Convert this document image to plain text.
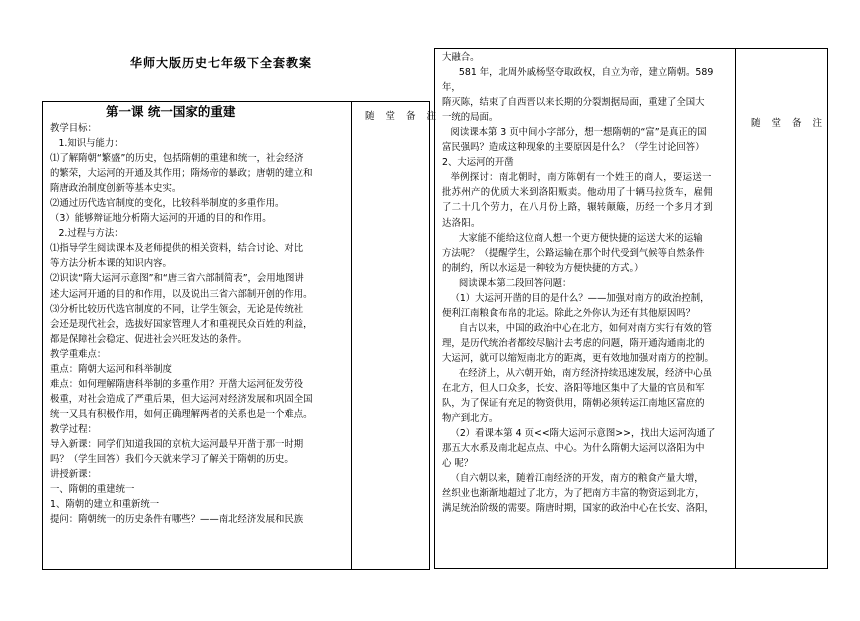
华师大版历史七年级下全套教案

第一课 统一国家的重建

教学目标：

1.知识与能力：

⑴了解隋朝“繁盛”的历史，包括隋朝的重建和统一，社会经济

的繁荣，大运河的开通及其作用；隋炀帝的暴政；唐朝的建立和

隋唐政治制度创新等基本史实。

⑵通过历代选官制度的变化，比较科举制度的多重作用。

（3）能够辩证地分析隋大运河的开通的目的和作用。

2.过程与方法：

⑴指导学生阅读课本及老师提供的相关资料，结合讨论、对比

等方法分析本课的知识内容。

⑵识读“隋大运河示意图”和“唐三省六部制简表”，会用地图讲

述大运河开通的目的和作用，以及说出三省六部制开创的作用。

⑶分析比较历代选官制度的不同，让学生领会，无论是传统社

会还是现代社会，选拔好国家管理人才和重视民众百姓的利益，

都是保障社会稳定、促进社会兴旺发达的条件。

教学重难点：

重点：隋朝大运河和科举制度

难点：如何理解隋唐科举制的多重作用？开凿大运河征发劳役

极重，对社会造成了严重后果，但大运河对经济发展和巩固全国

统一又具有积极作用，如何正确理解两者的关系也是一个难点。

教学过程：

导入新课：同学们知道我国的京杭大运河最早开凿于那一时期

吗？（学生回答）我们今天就来学习了解关于隋朝的历史。

讲授新课：

一、隋朝的重建统一

1、隋朝的建立和重新统一

提问：隋朝统一的历史条件有哪些？——南北经济发展和民族

随 堂 备 注

大融合。

581 年，北周外戚杨坚夺取政权，自立为帝，建立隋朝。589 年，

隋灭陈，结束了自西晋以来长期的分裂割据局面，重建了全国大

一统的局面。

阅读课本第 3 页中间小字部分，想一想隋朝的“富”是真正的国

富民强吗？造成这种现象的主要原因是什么？（学生讨论回答）

2、大运河的开凿

举例探讨：南北朝时，南方陈朝有一个姓王的商人，要运送一

批苏州产的优质大米到洛阳贩卖。他动用了十辆马拉货车，雇佣

了二十几个劳力，在八月份上路，辗转颠簸，历经一个多月才到

达洛阳。

大家能不能给这位商人想一个更方便快捷的运送大米的运输

方法呢？（提醒学生，公路运输在那个时代受到气候等自然条件

的制约，所以水运是一种较为方便快捷的方式。）

阅读课本第二段回答问题：

（1）大运河开凿的目的是什么？——加强对南方的政治控制，

便利江南粮食布帛的北运。除此之外你认为还有其他原因吗？

自古以来，中国的政治中心在北方，如何对南方实行有效的管

理，是历代统治者都绞尽脑汁去考虑的问题，隋开通沟通南北的

大运河，就可以缩短南北方的距离，更有效地加强对南方的控制。

在经济上，从六朝开始，南方经济持续迅速发展，经济中心虽

在北方，但人口众多，长安、洛阳等地区集中了大量的官员和军

队，为了保证有充足的物资供用，隋朝必须转运江南地区富庶的

物产到北方。

（2）看课本第 4 页<<隋大运河示意图>>，找出大运河沟通了

那五大水系及南北起点点、中心。为什么隋朝大运河以洛阳为中

心 呢？

（自六朝以来，随着江南经济的开发，南方的粮食产量大增，

丝织业也渐渐地超过了北方，为了把南方丰富的物资运到北方，

满足统治阶级的需要。隋唐时期，国家的政治中心在长安、洛阳，

随 堂 备 注
